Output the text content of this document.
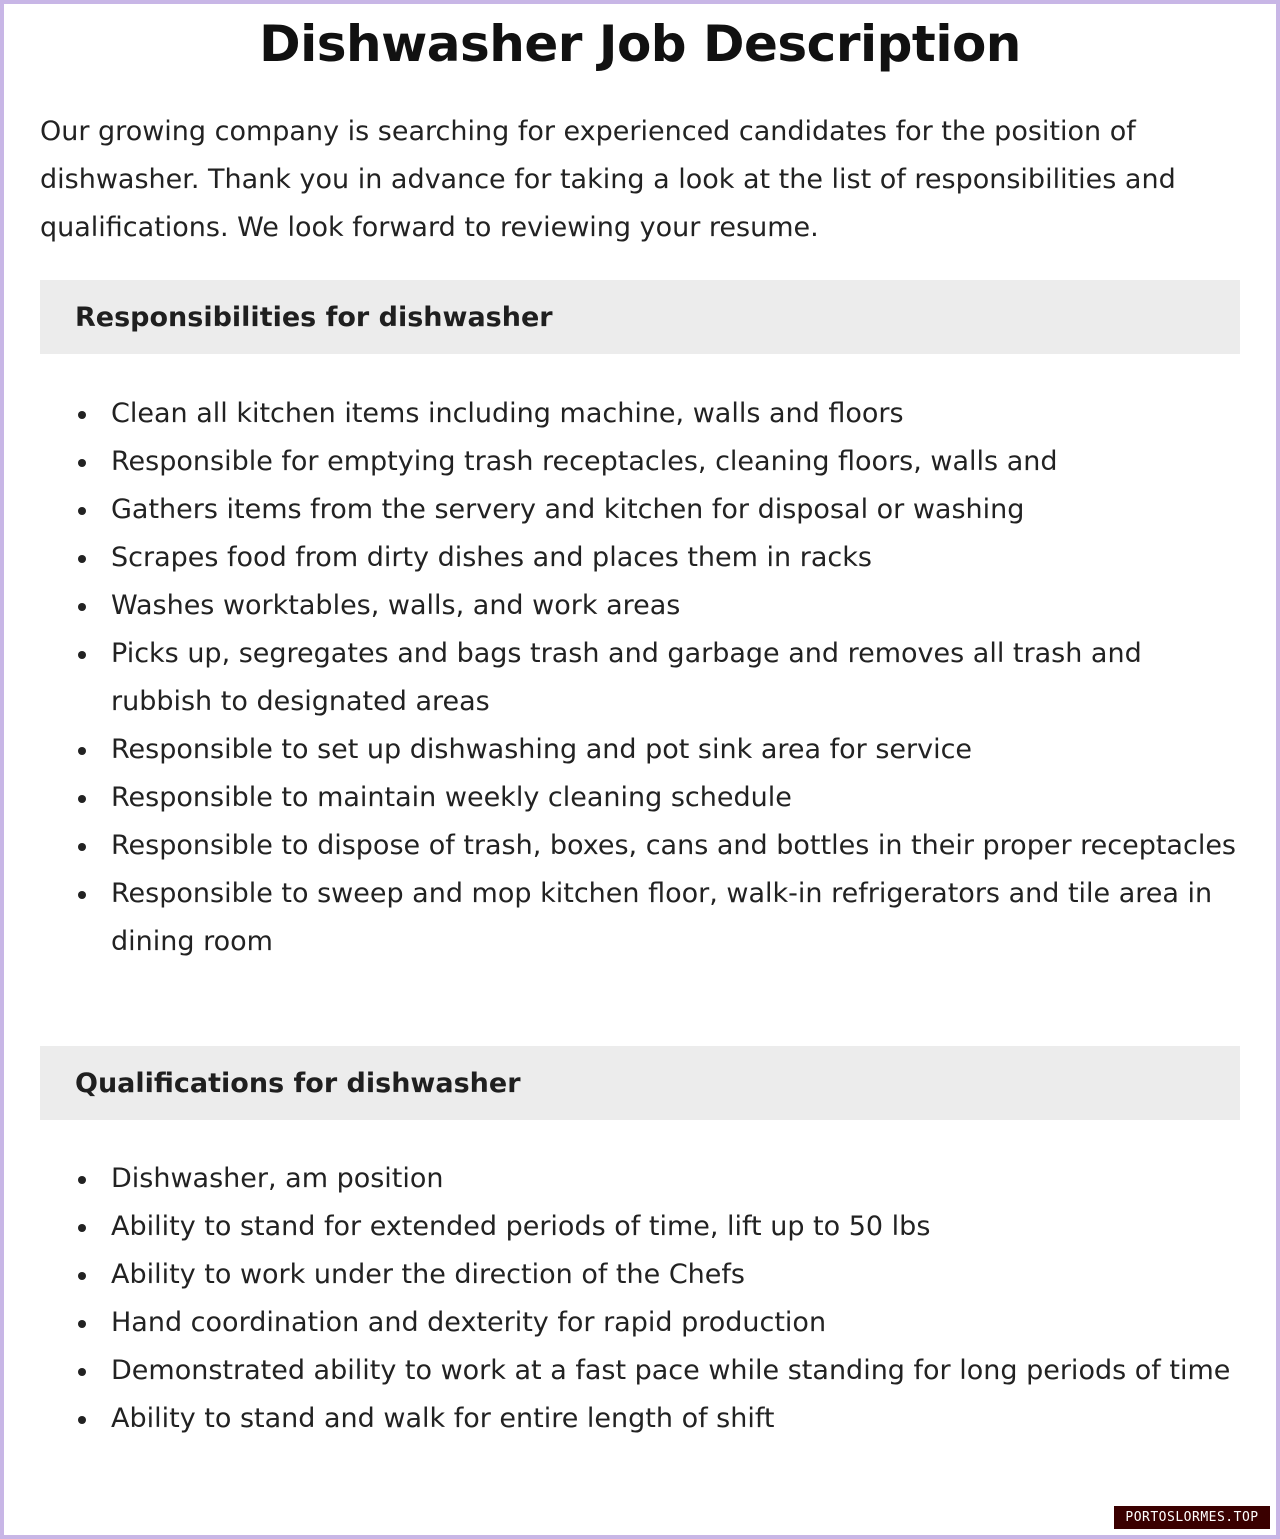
Dishwasher Job Description

Our growing company is searching for experienced candidates for the position of dishwasher. Thank you in advance for taking a look at the list of responsibilities and qualifications. We look forward to reviewing your resume.

Responsibilities for dishwasher
Clean all kitchen items including machine, walls and floors
Responsible for emptying trash receptacles, cleaning floors, walls and
Gathers items from the servery and kitchen for disposal or washing
Scrapes food from dirty dishes and places them in racks
Washes worktables, walls, and work areas
Picks up, segregates and bags trash and garbage and removes all trash and rubbish to designated areas
Responsible to set up dishwashing and pot sink area for service
Responsible to maintain weekly cleaning schedule
Responsible to dispose of trash, boxes, cans and bottles in their proper receptacles
Responsible to sweep and mop kitchen floor, walk-in refrigerators and tile area in dining room
Qualifications for dishwasher
Dishwasher, am position
Ability to stand for extended periods of time, lift up to 50 lbs
Ability to work under the direction of the Chefs
Hand coordination and dexterity for rapid production
Demonstrated ability to work at a fast pace while standing for long periods of time
Ability to stand and walk for entire length of shift
PORTOSLORMES.TOP
